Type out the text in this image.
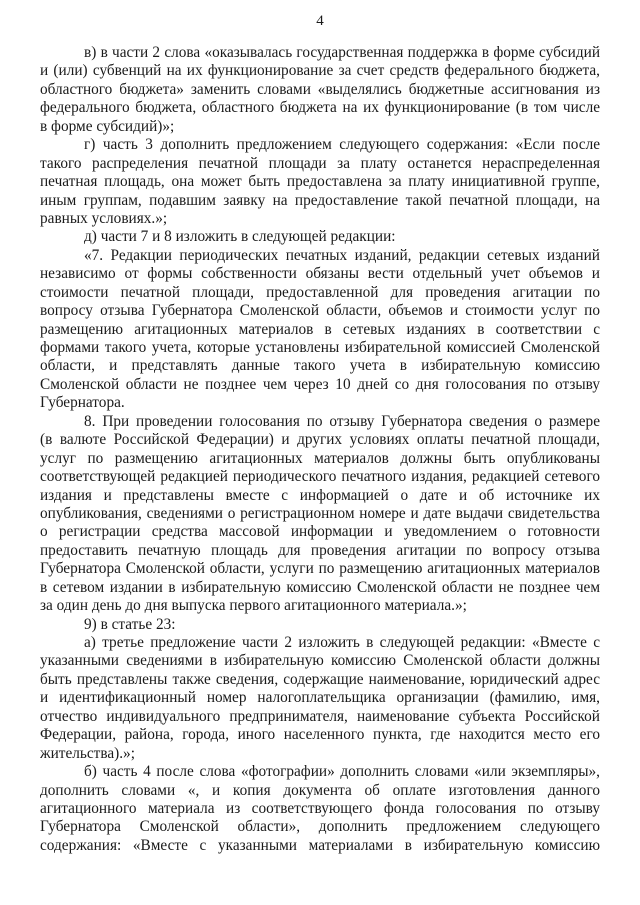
4
в) в части 2 слова «оказывалась государственная поддержка в форме субсидий
и (или) субвенций на их функционирование за счет средств федерального бюджета,
областного бюджета» заменить словами «выделялись бюджетные ассигнования из
федерального бюджета, областного бюджета на их функционирование (в том числе
в форме субсидий)»;
г) часть 3 дополнить предложением следующего содержания: «Если после
такого распределения печатной площади за плату останется нераспределенная
печатная площадь, она может быть предоставлена за плату инициативной группе,
иным группам, подавшим заявку на предоставление такой печатной площади, на
равных условиях.»;
д) части 7 и 8 изложить в следующей редакции:
«7. Редакции периодических печатных изданий, редакции сетевых изданий
независимо от формы собственности обязаны вести отдельный учет объемов и
стоимости печатной площади, предоставленной для проведения агитации по
вопросу отзыва Губернатора Смоленской области, объемов и стоимости услуг по
размещению агитационных материалов в сетевых изданиях в соответствии с
формами такого учета, которые установлены избирательной комиссией Смоленской
области, и представлять данные такого учета в избирательную комиссию
Смоленской области не позднее чем через 10 дней со дня голосования по отзыву
Губернатора.
8. При проведении голосования по отзыву Губернатора сведения о размере
(в валюте Российской Федерации) и других условиях оплаты печатной площади,
услуг по размещению агитационных материалов должны быть опубликованы
соответствующей редакцией периодического печатного издания, редакцией сетевого
издания и представлены вместе с информацией о дате и об источнике их
опубликования, сведениями о регистрационном номере и дате выдачи свидетельства
о регистрации средства массовой информации и уведомлением о готовности
предоставить печатную площадь для проведения агитации по вопросу отзыва
Губернатора Смоленской области, услуги по размещению агитационных материалов
в сетевом издании в избирательную комиссию Смоленской области не позднее чем
за один день до дня выпуска первого агитационного материала.»;
9) в статье 23:
а) третье предложение части 2 изложить в следующей редакции: «Вместе с
указанными сведениями в избирательную комиссию Смоленской области должны
быть представлены также сведения, содержащие наименование, юридический адрес
и идентификационный номер налогоплательщика организации (фамилию, имя,
отчество индивидуального предпринимателя, наименование субъекта Российской
Федерации, района, города, иного населенного пункта, где находится место его
жительства).»;
б) часть 4 после слова «фотографии» дополнить словами «или экземпляры»,
дополнить словами «, и копия документа об оплате изготовления данного
агитационного материала из соответствующего фонда голосования по отзыву
Губернатора Смоленской области», дополнить предложением следующего
содержания: «Вместе с указанными материалами в избирательную комиссию
